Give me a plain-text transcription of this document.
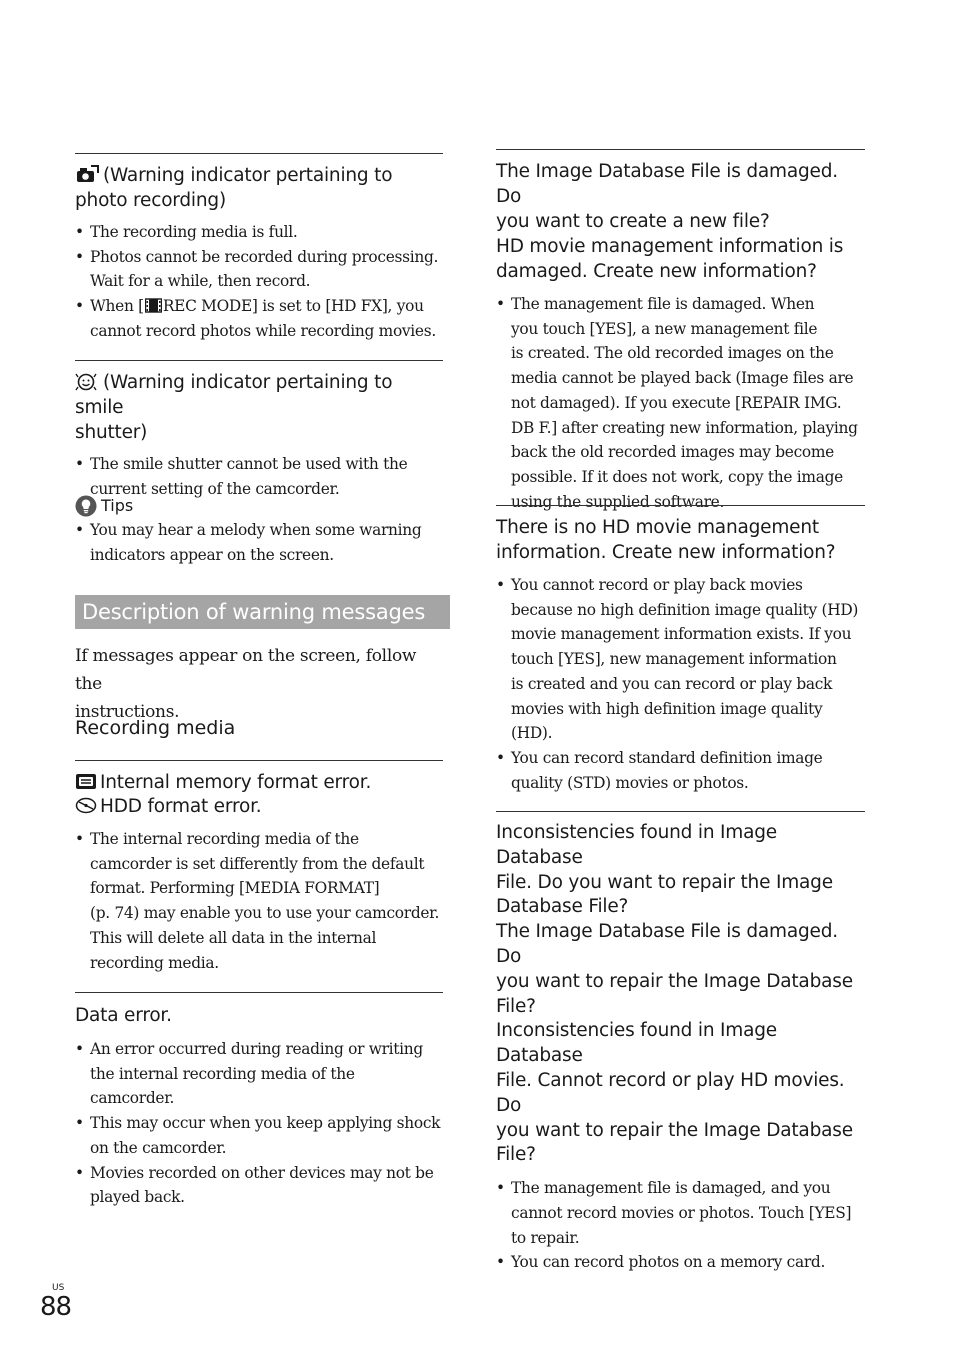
(Warning indicator pertaining to
photo recording)
• The recording media is full.
• Photos cannot be recorded during processing.
Wait for a while, then record.
• When [ REC MODE] is set to [HD FX], you
cannot record photos while recording movies.
(Warning indicator pertaining to smile
shutter)
• The smile shutter cannot be used with the
current setting of the camcorder.
Tips
• You may hear a melody when some warning
indicators appear on the screen.
Description of warning messages

If messages appear on the screen, follow the
instructions.

Recording media
Internal memory format error.
HDD format error.
• The internal recording media of the
camcorder is set differently from the default
format. Performing [MEDIA FORMAT]
(p. 74) may enable you to use your camcorder.
This will delete all data in the internal
recording media.
Data error.
• An error occurred during reading or writing
the internal recording media of the camcorder.
• This may occur when you keep applying shock
on the camcorder.
• Movies recorded on other devices may not be
played back.
The Image Database File is damaged. Do
you want to create a new file?
HD movie management information is
damaged. Create new information?
• The management file is damaged. When
you touch [YES], a new management file
is created. The old recorded images on the
media cannot be played back (Image files are
not damaged). If you execute [REPAIR IMG.
DB F.] after creating new information, playing
back the old recorded images may become
possible. If it does not work, copy the image
using the supplied software.
There is no HD movie management
information. Create new information?
• You cannot record or play back movies
because no high definition image quality (HD)
movie management information exists. If you
touch [YES], new management information
is created and you can record or play back
movies with high definition image quality
(HD).
• You can record standard definition image
quality (STD) movies or photos.
Inconsistencies found in Image Database
File. Do you want to repair the Image
Database File?
The Image Database File is damaged. Do
you want to repair the Image Database
File?
Inconsistencies found in Image Database
File. Cannot record or play HD movies. Do
you want to repair the Image Database
File?
• The management file is damaged, and you
cannot record movies or photos. Touch [YES]
to repair.
• You can record photos on a memory card.
US
88
